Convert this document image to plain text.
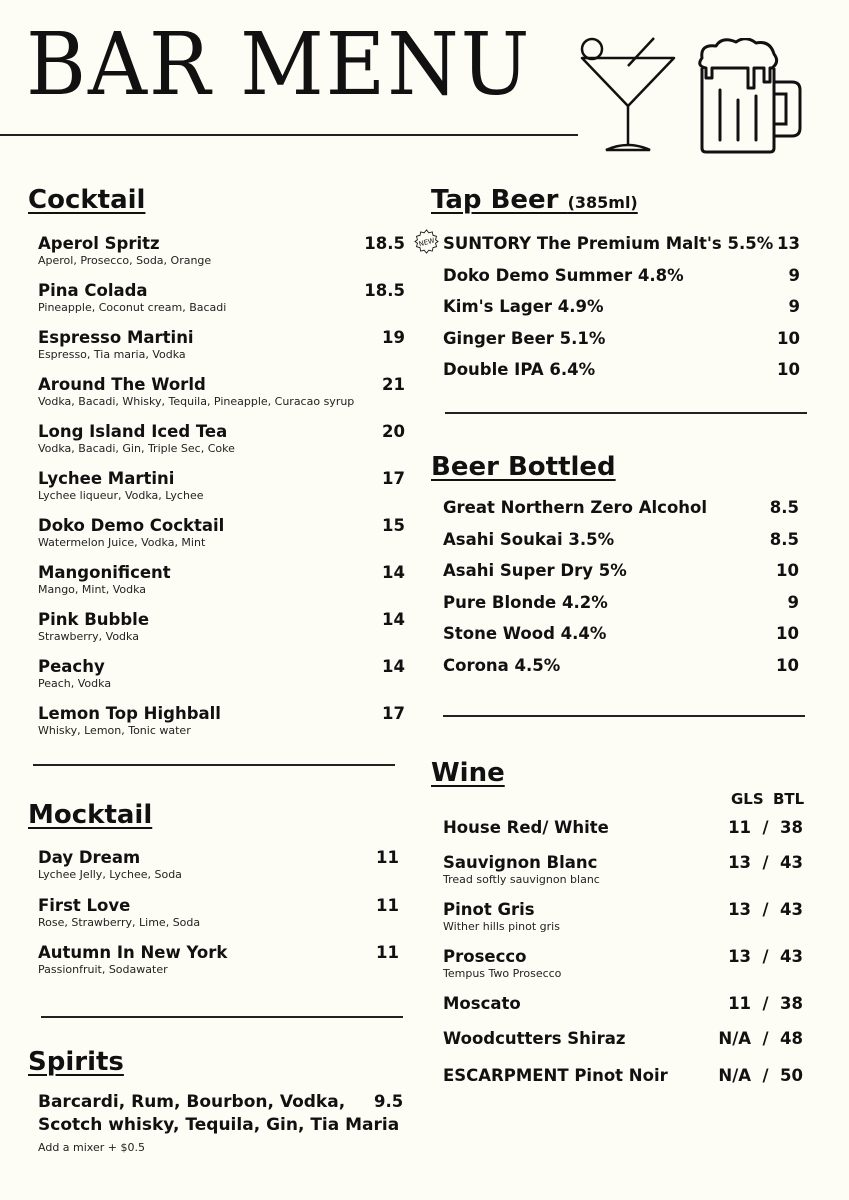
BAR MENU
Cocktail
Aperol Spritz
Aperol, Prosecco, Soda, Orange
18.5
Pina Colada
Pineapple, Coconut cream, Bacadi
18.5
Espresso Martini
Espresso, Tia maria, Vodka
19
Around The World
Vodka, Bacadi, Whisky, Tequila, Pineapple, Curacao syrup
21
Long Island Iced Tea
Vodka, Bacadi, Gin, Triple Sec, Coke
20
Lychee Martini
Lychee liqueur, Vodka, Lychee
17
Doko Demo Cocktail
Watermelon Juice, Vodka, Mint
15
Mangonificent
Mango, Mint, Vodka
14
Pink Bubble
Strawberry, Vodka
14
Peachy
Peach, Vodka
14
Lemon Top Highball
Whisky, Lemon, Tonic water
17
Mocktail
Day Dream
Lychee Jelly, Lychee, Soda
11
First Love
Rose, Strawberry, Lime, Soda
11
Autumn In New York
Passionfruit, Sodawater
11
Spirits
Barcardi, Rum, Bourbon, Vodka,
Scotch whisky, Tequila, Gin, Tia Maria
Add a mixer + $0.5
9.5
Tap Beer (385ml)
NEW SUNTORY The Premium Malt's 5.5% 13
Doko Demo Summer 4.8%	9
Kim's Lager 4.9%	9
Ginger Beer 5.1%	10
Double IPA 6.4%	10
Beer Bottled
Great Northern Zero Alcohol	8.5
Asahi Soukai 3.5%	8.5
Asahi Super Dry 5%	10
Pure Blonde 4.2%	9
Stone Wood 4.4%	10
Corona 4.5%	10
Wine
GLS BTL
House Red/ White	11  /  38
Sauvignon Blanc
Tread softly sauvignon blanc
13  /  43
Pinot Gris
Wither hills pinot gris
13  /  43
Prosecco
Tempus Two Prosecco
13  /  43
Moscato	11  /  38
Woodcutters Shiraz	N/A  /  48
ESCARPMENT Pinot Noir	N/A  /  50
